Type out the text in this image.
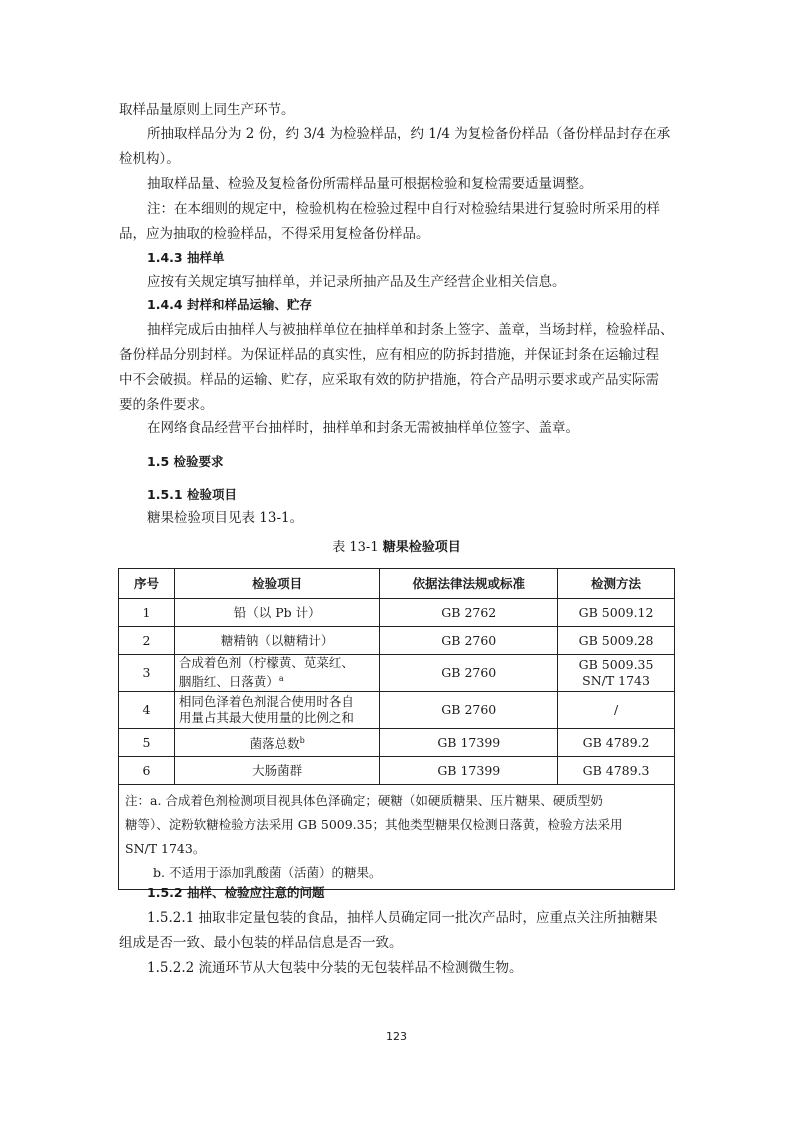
取样品量原则上同生产环节。

所抽取样品分为 2 份，约 3/4 为检验样品，约 1/4 为复检备份样品（备份样品封存在承
检机构）。

抽取样品量、检验及复检备份所需样品量可根据检验和复检需要适量调整。

注：在本细则的规定中，检验机构在检验过程中自行对检验结果进行复验时所采用的样
品，应为抽取的检验样品，不得采用复检备份样品。

1.4.3 抽样单

应按有关规定填写抽样单，并记录所抽产品及生产经营企业相关信息。

1.4.4 封样和样品运输、贮存

抽样完成后由抽样人与被抽样单位在抽样单和封条上签字、盖章，当场封样，检验样品、
备份样品分别封样。为保证样品的真实性，应有相应的防拆封措施，并保证封条在运输过程
中不会破损。样品的运输、贮存，应采取有效的防护措施，符合产品明示要求或产品实际需
要的条件要求。

在网络食品经营平台抽样时，抽样单和封条无需被抽样单位签字、盖章。

1.5 检验要求
1.5.1 检验项目

糖果检验项目见表 13-1。

表 13-1 糖果检验项目
序号	检验项目	依据法律法规或标准	检测方法
1	铅（以 Pb 计）	GB 2762	GB 5009.12
2	糖精钠（以糖精计）	GB 2760	GB 5009.28
3	合成着色剂（柠檬黄、苋菜红、
胭脂红、日落黄）$^a$	GB 2760	GB 5009.35
SN/T 1743
4	相同色泽着色剂混合使用时各自
用量占其最大使用量的比例之和	GB 2760	/
5	菌落总数$^b$	GB 17399	GB 4789.2
6	大肠菌群	GB 17399	GB 4789.3
注：a. 合成着色剂检测项目视具体色泽确定；硬糖（如硬质糖果、压片糖果、硬质型奶
糖等）、淀粉软糖检验方法采用 GB 5009.35；其他类型糖果仅检测日落黄，检验方法采用
SN/T 1743。
b. 不适用于添加乳酸菌（活菌）的糖果。			
1.5.2 抽样、检验应注意的问题

1.5.2.1 抽取非定量包装的食品，抽样人员确定同一批次产品时，应重点关注所抽糖果
组成是否一致、最小包装的样品信息是否一致。

1.5.2.2 流通环节从大包装中分装的无包装样品不检测微生物。

123
